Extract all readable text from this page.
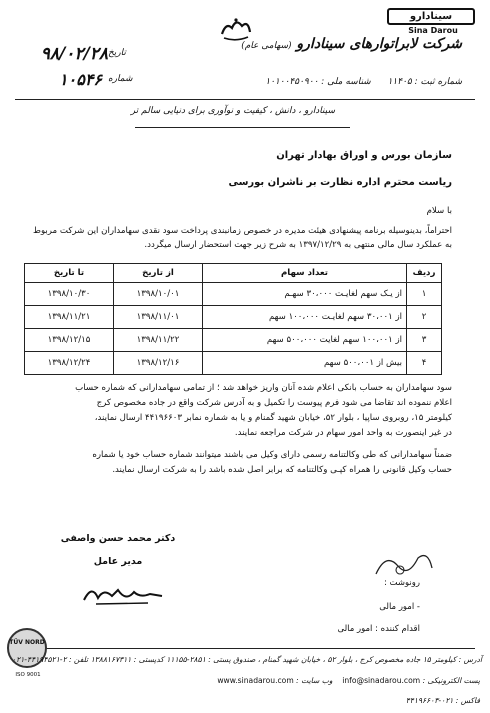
سینادارو
Sina Darou
شرکت لابراتوارهای سینادارو (سهامی عام)
شماره ثبت : ۱۱۴۰۵ شناسه ملی : ۱۰۱۰۰۴۵۰۹۰۰
تاریخ
۹۸/۰۲/۲۸
شماره
۱۰۵۴۶
سینادارو ، دانش ، کیفیت و نوآوری برای دنیایی سالم تر
سازمان بورس و اوراق بهادار تهران
ریاست محترم اداره نظارت بر ناشران بورسی
با سلام
احتراماً، بدینوسیله برنامه پیشنهادی هیئت مدیره در خصوص زمانبندی پرداخت سود نقدی سهامداران این شرکت مربوط به عملکرد سال مالی منتهی به ۱۳۹۷/۱۲/۲۹ به شرح زیر جهت استحضار ارسال میگردد.
ردیف	تعداد سهام	از تاریخ	تا تاریخ
۱	از یـک سهم لغایـت ۳۰،۰۰۰ سهـم	۱۳۹۸/۱۰/۰۱	۱۳۹۸/۱۰/۳۰
۲	از ۳۰،۰۰۱ سهم لغایـت ۱۰۰،۰۰۰ سهم	۱۳۹۸/۱۱/۰۱	۱۳۹۸/۱۱/۲۱
۳	از ۱۰۰،۰۰۱ سهم لغایت ۵۰۰،۰۰۰ سهم	۱۳۹۸/۱۱/۲۲	۱۳۹۸/۱۲/۱۵
۴	بیش از ۵۰۰،۰۰۱ سهم	۱۳۹۸/۱۲/۱۶	۱۳۹۸/۱۲/۲۴
سود سهامداران به حساب بانکی اعلام شده آنان واریز خواهد شد ؛ از تمامی سهامدارانی که شماره حساب
اعلام ننموده اند تقاضا می شود فرم پیوست را تکمیل و به آدرس شرکت واقع در جاده مخصوص کرج
کیلومتر ۱۵، روبروی ساپیا ، بلوار ۵۲، خیابان شهید گمنام و یا به شماره نمابر ۴۴۱۹۶۶۰۳ ارسال نمایند،
در غیر اینصورت به واحد امور سهام در شرکت مراجعه نمایند.
ضمناً سهامدارانی که طی وکالتنامه رسمی دارای وکیل می باشند میتوانند شماره حساب خود یا شماره
حساب وکیل قانونی را همراه کپـی وکالتنامه که برابر اصل شده باشد را به شرکت ارسال نمایند.
دکتر محمد حسن واصفی
مدیر عامل
رونوشت :
- امور مالی
اقدام کننده : امور مالی
TÜV NORD
ISO 9001
آدرس : کیلومتر ۱۵ جاده مخصوص کرج ، بلوار ۵۲ ، خیابان شهید گمنام ، صندوق پستی : ۲۸۵۱-۱۱۱۵۵ کدپستی : ۱۳۸۸۱۶۷۳۱۱ تلفن : ۲-۴۴۱۹۴۵۲۱-۰۲۱
پست الکترونیکی : info@sinadarou.com    وب سایت : www.sinadarou.com
فاکس : ۰۲۱-۴۴۱۹۶۶۰۳
